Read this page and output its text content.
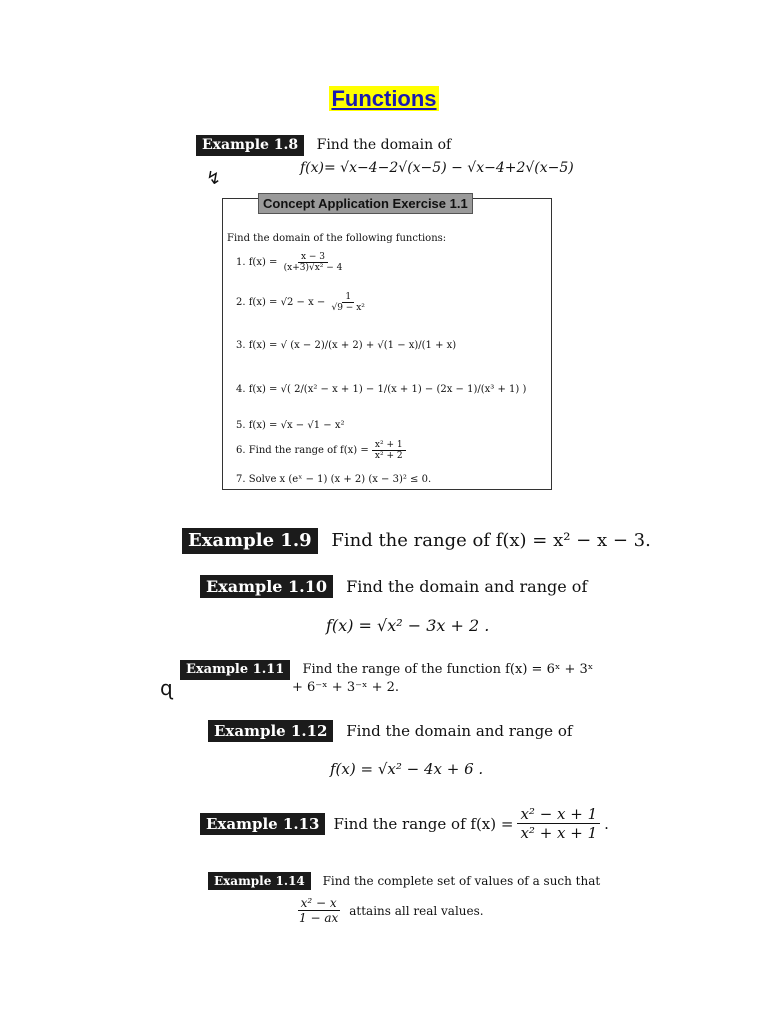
Functions
Example 1.8 Find the domain of
f(x)= √x−4−2√(x−5) − √x−4+2√(x−5)
↯
Concept Application Exercise 1.1
Find the domain of the following functions:
1. $f(x) = \frac{x - 3}{\text{(x+3)√x² − 4}}$
2. $f(x) = √2 - x - \frac{1}{\text{√9 − x²}}$
3. f(x) = √ (x − 2)/(x + 2) + √(1 − x)/(1 + x)
4. f(x) = √( 2/(x² − x + 1) − 1/(x + 1) − (2x − 1)/(x³ + 1) )
5. f(x) = √x − √1 − x²
6. Find the range of $f(x) = \frac{\text{x² + 1}}{\text{x² + 2}}$
7. Solve x (eˣ − 1) (x + 2) (x − 3)² ≤ 0.
Example 1.9 Find the range of f(x) = x² − x − 3.
Example 1.10 Find the domain and range of
f(x) = √x² − 3x + 2 .
Example 1.11 Find the range of the function f(x) = 6ˣ + 3ˣ
+ 6⁻ˣ + 3⁻ˣ + 2.
ɋ
Example 1.12 Find the domain and range of
f(x) = √x² − 4x + 6 .
Example 1.13 Find the range of $f(x) = \frac{\text{x² − x + 1}}{\text{x² + x + 1}}$ .
Example 1.14 Find the complete set of values of a such that
$\frac{\text{x² − x}}{1 - ax}$ attains all real values.
